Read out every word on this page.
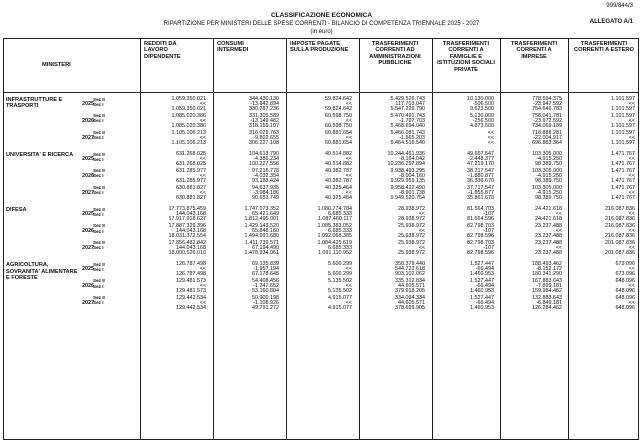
999/844/3
CLASSIFICAZIONE ECONOMICA
RIPARTIZIONE PER MINISTERI DELLE SPESE CORRENTI - BILANCIO DI COMPETENZA TRIENNALE 2025 - 2027
(in euro)
ALLEGATO A/1
MINISTERI
REDDITI DA LAVORO DIPENDENTE
CONSUMI INTERMEDI
IMPOSTE PAGATE SULLA PRODUZIONE
TRASFERIMENTI CORRENTI AD AMMINISTRAZIONI PUBBLICHE
TRASFERIMENTI CORRENTI A FAMIGLIE E ISTITUZIONI SOCIALI PRIVATE
TRASFERIMENTI CORRENTI A IMPRESE
TRASFERIMENTI CORRENTI A ESTERO
INFRASTRUTTURE E TRASPORTI	2025
Sez II	1.059.350.021	344.430.130	59.824.642	5.429.526.743	10.130.000	778.594.375	1.101.597
Sez I	<<	-13.642.894	<<	117.703.047	-506.500	-23.947.592	<<
1.059.350.021	330.787.236	59.824.642	5.547.229.790	9.623.500	754.646.783	1.101.597
2026
Sez II	1.085.020.386	331.305.589	60.598.750	5.470.491.743	5.130.000	758.041.781	1.101.597
Sez I	<<	-13.149.482	<<	-1.797.703	-256.500	-23.972.592	<<
1.085.020.386	318.159.107	60.598.750	5.468.694.040	4.873.500	734.069.189	1.101.597
2027
Sez II	1.105.106.213	316.029.763	60.881.654	5.466.081.743	<<	718.888.281	1.101.597
Sez I	<<	-9.802.655	<<	-1.565.203	<<	-22.004.917	<<
1.105.106.213	306.227.108	60.881.654	5.464.516.540	<<	696.883.364	1.101.597
UNIVERSITA' E RICERCA
2025
Sez II	631.268.025	104.613.790	40.514.882	10.244.461.936	49.667.547	103.305.000	1.471.767
Sez I	<<	-4.386.234	<<	-8.164.042	-2.448.377	-4.915.250	<<
631.268.025	100.227.556	40.514.882	10.236.297.894	47.219.170	98.389.750	1.471.767
2026
Sez II	631.285.977	97.216.778	40.382.787	9.938.493.295	38.217.547	103.305.000	1.471.767
Sez I	<<	-4.032.354	<<	-8.004.160	-1.880.877	-4.915.250	<<
631.285.977	93.183.424	40.382.787	9.929.959.135	36.336.670	98.389.750	1.471.767
2027
Sez II	630.881.827	94.637.935	40.325.464	9.958.422.490	37.717.547	103.305.000	1.471.767
Sez I	<<	-3.984.186	<<	-8.901.738	-1.855.877	-4.915.250	<<
630.881.827	90.653.749	40.325.464	9.949.520.754	35.861.670	98.389.750	1.471.767
DIFESA
2025
Sez II	17.773.875.459	1.747.073.352	1.080.774.784	28.938.972	81.564.703	24.421.618	216.087.836
Sez I	144.043.168	65.421.649	6.685.333	<<	-107	<<	<<
17.917.918.627	1.812.495.001	1.087.460.117	28.938.972	81.564.596	24.421.618	216.087.836
2026
Sez II	17.887.329.396	1.429.143.520	1.085.383.052	25.938.972	82.798.703	23.237.488	216.087.836
Sez I	144.043.168	65.848.160	6.685.333	<<	-107	<<	<<
18.031.372.554	1.494.991.680	1.092.068.385	25.938.972	82.798.596	23.237.488	216.087.836
2027
Sez II	17.856.482.842	1.411.739.571	1.084.425.619	25.938.972	82.798.703	23.237.488	201.087.836
Sez I	144.043.168	67.194.490	6.685.333	<<	-107	<<	<<
18.000.526.010	1.478.934.061	1.091.110.952	25.938.972	82.798.596	23.237.488	201.087.836
AGRICOLTURA, SOVRANITA' ALIMENTARE E FORESTE
2025
Sez II	126.787.498	69.135.839	5.600.299	358.379.440	1.527.447	188.493.462	673.096
Sez I	<<	-1.957.194	<<	544.722.618	-66.494	-8.152.172	<<
126.787.498	67.178.645	5.600.299	903.102.062	1.460.953	180.341.290	673.096
2026
Sez II	129.481.573	54.408.456	5.135.502	335.312.834	1.527.447	167.883.643	648.096
Sez I	<<	-1.247.652	<<	44.605.571	-66.494	-7.899.181	<<
129.481.573	53.160.804	5.135.502	379.918.205	1.460.953	159.984.462	648.096
2027
Sez II	129.442.534	50.900.198	4.915.077	334.094.334	1.527.447	132.883.643	648.096
Sez I	<<	-1.108.926	<<	44.605.571	-66.494	-6.849.181	<<
129.442.534	49.791.272	4.915.077	378.699.905	1.460.953	126.284.462	648.096
